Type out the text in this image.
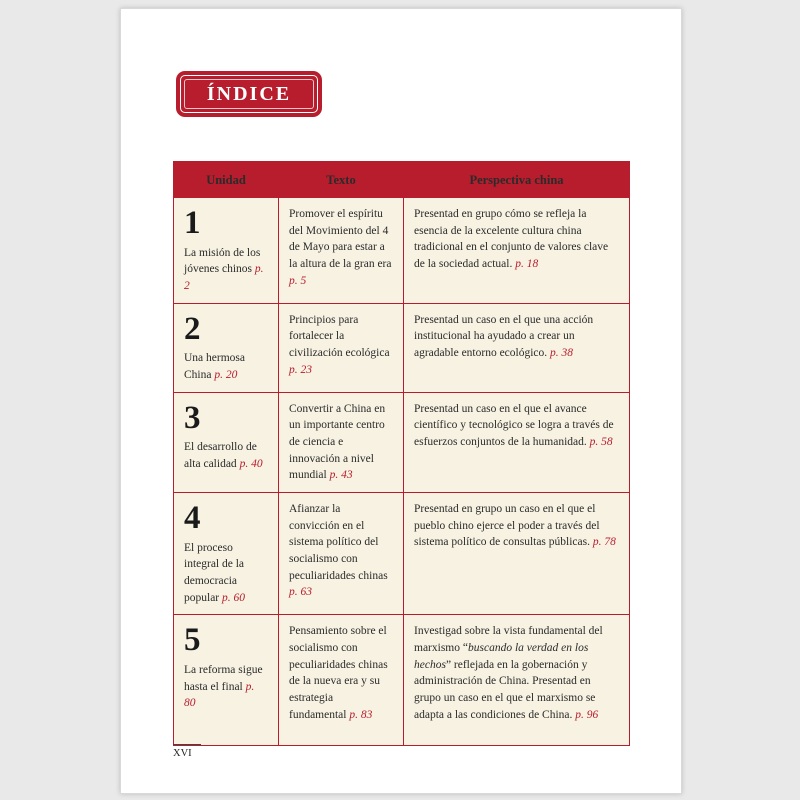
ÍNDICE
Unidad	Texto	Perspectiva china
1
La misión de los jóvenes chinos p. 2
Promover el espíritu del Movimiento del 4 de Mayo para estar a la altura de la gran era p. 5
Presentad en grupo cómo se refleja la esencia de la excelente cultura china tradicional en el conjunto de valores clave de la sociedad actual. p. 18
2
Una hermosa China p. 20
Principios para fortalecer la civilización ecológica p. 23
Presentad un caso en el que una acción institucional ha ayudado a crear un agradable entorno ecológico. p. 38
3
El desarrollo de alta calidad p. 40
Convertir a China en un importante centro de ciencia e innovación a nivel mundial p. 43
Presentad un caso en el que el avance científico y tecnológico se logra a través de esfuerzos conjuntos de la humanidad. p. 58
4
El proceso integral de la democracia popular p. 60
Afianzar la convicción en el sistema político del socialismo con peculiaridades chinas p. 63
Presentad en grupo un caso en el que el pueblo chino ejerce el poder a través del sistema político de consultas públicas. p. 78
5
La reforma sigue hasta el final p. 80
Pensamiento sobre el socialismo con peculiaridades chinas de la nueva era y su estrategia fundamental p. 83
Investigad sobre la vista fundamental del marxismo “buscando la verdad en los hechos” reflejada en la gobernación y administración de China. Presentad en grupo un caso en el que el marxismo se adapta a las condiciones de China. p. 96
XVI
